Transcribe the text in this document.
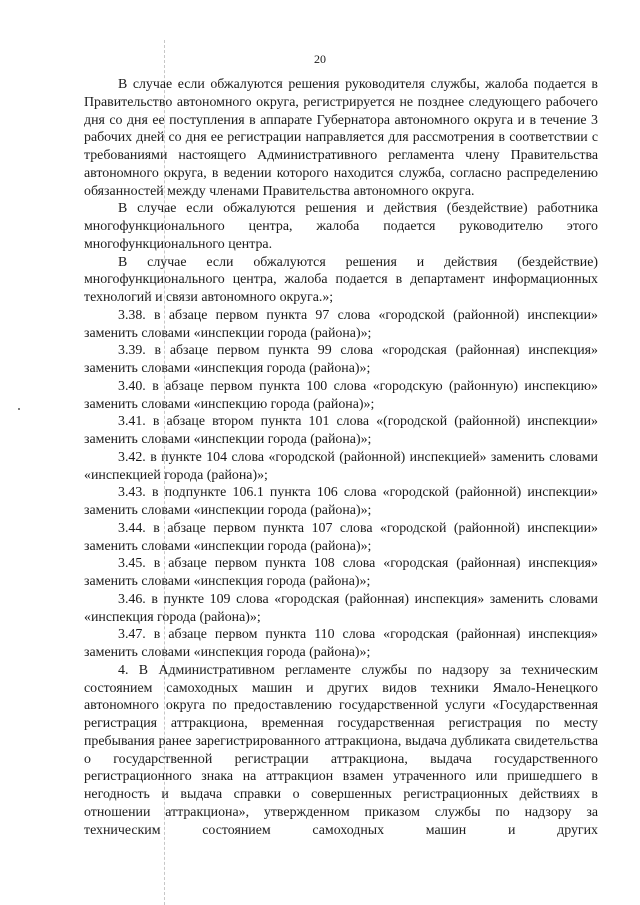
20

В случае если обжалуются решения руководителя службы, жалоба подается в Правительство автономного округа, регистрируется не позднее следующего рабочего дня со дня ее поступления в аппарате Губернатора автономного округа и в течение 3 рабочих дней со дня ее регистрации направляется для рассмотрения в соответствии с требованиями настоящего Административного регламента члену Правительства автономного округа, в ведении которого находится служба, согласно распределению обязанностей между членами Правительства автономного округа.

В случае если обжалуются решения и действия (бездействие) работника многофункционального центра, жалоба подается руководителю этого многофункционального центра.

В случае если обжалуются решения и действия (бездействие) многофункционального центра, жалоба подается в департамент информационных технологий и связи автономного округа.»;

3.38. в абзаце первом пункта 97 слова «городской (районной) инспекции» заменить словами «инспекции города (района)»;

3.39. в абзаце первом пункта 99 слова «городская (районная) инспекция» заменить словами «инспекция города (района)»;

3.40. в абзаце первом пункта 100 слова «городскую (районную) инспекцию» заменить словами «инспекцию города (района)»;

3.41. в абзаце втором пункта 101 слова «(городской (районной) инспекции» заменить словами «инспекции города (района)»;

3.42. в пункте 104 слова «городской (районной) инспекцией» заменить словами «инспекцией города (района)»;

3.43. в подпункте 106.1 пункта 106 слова «городской (районной) инспекции» заменить словами «инспекции города (района)»;

3.44. в абзаце первом пункта 107 слова «городской (районной) инспекции» заменить словами «инспекции города (района)»;

3.45. в абзаце первом пункта 108 слова «городская (районная) инспекция» заменить словами «инспекция города (района)»;

3.46. в пункте 109 слова «городская (районная) инспекция» заменить словами «инспекция города (района)»;

3.47. в абзаце первом пункта 110 слова «городская (районная) инспекция» заменить словами «инспекция города (района)»;

4. В Административном регламенте службы по надзору за техническим состоянием самоходных машин и других видов техники Ямало-Ненецкого автономного округа по предоставлению государственной услуги «Государственная регистрация аттракциона, временная государственная регистрация по месту пребывания ранее зарегистрированного аттракциона, выдача дубликата свидетельства о государственной регистрации аттракциона, выдача государственного регистрационного знака на аттракцион взамен утраченного или пришедшего в негодность и выдача справки о совершенных регистрационных действиях в отношении аттракциона», утвержденном приказом службы по надзору за техническим состоянием самоходных машин и других
